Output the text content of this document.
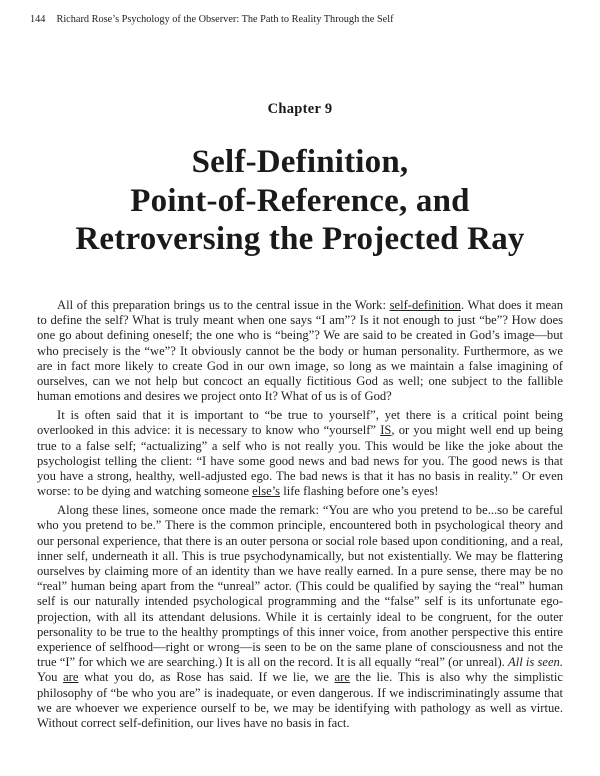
144 Richard Rose’s Psychology of the Observer: The Path to Reality Through the Self
Chapter 9
Self-Definition,
Point-of-Reference, and
Retroversing the Projected Ray

All of this preparation brings us to the central issue in the Work: self-definition. What does it mean to define the self? What is truly meant when one says “I am”? Is it not enough to just “be”? How does one go about defining oneself; the one who is “being”? We are said to be created in God’s image—but who precisely is the “we”? It obviously cannot be the body or human personality. Furthermore, as we are in fact more likely to create God in our own image, so long as we maintain a false imagining of ourselves, can we not help but concoct an equally fictitious God as well; one subject to the fallible human emotions and desires we project onto It? What of us is of God?

It is often said that it is important to “be true to yourself”, yet there is a critical point being overlooked in this advice: it is necessary to know who “yourself” IS, or you might well end up being true to a false self; “actualizing” a self who is not really you. This would be like the joke about the psychologist telling the client: “I have some good news and bad news for you. The good news is that you have a strong, healthy, well-adjusted ego. The bad news is that it has no basis in reality.” Or even worse: to be dying and watching someone else’s life flashing before one’s eyes!

Along these lines, someone once made the remark: “You are who you pretend to be...so be careful who you pretend to be.” There is the common principle, encountered both in psychological theory and our personal experience, that there is an outer persona or social role based upon conditioning, and a real, inner self, underneath it all. This is true psychodynamically, but not existentially. We may be flattering ourselves by claiming more of an identity than we have really earned. In a pure sense, there may be no “real” human being apart from the “unreal” actor. (This could be qualified by saying the “real” human self is our naturally intended psychological programming and the “false” self is its unfortunate ego-projection, with all its attendant delusions. While it is certainly ideal to be congruent, for the outer personality to be true to the healthy promptings of this inner voice, from another perspective this entire experience of selfhood—right or wrong—is seen to be on the same plane of consciousness and not the true “I” for which we are searching.) It is all on the record. It is all equally “real” (or unreal). All is seen. You are what you do, as Rose has said. If we lie, we are the lie. This is also why the simplistic philosophy of “be who you are” is inadequate, or even dangerous. If we indiscriminatingly assume that we are whoever we experience ourself to be, we may be identifying with pathology as well as virtue. Without correct self-definition, our lives have no basis in fact.
